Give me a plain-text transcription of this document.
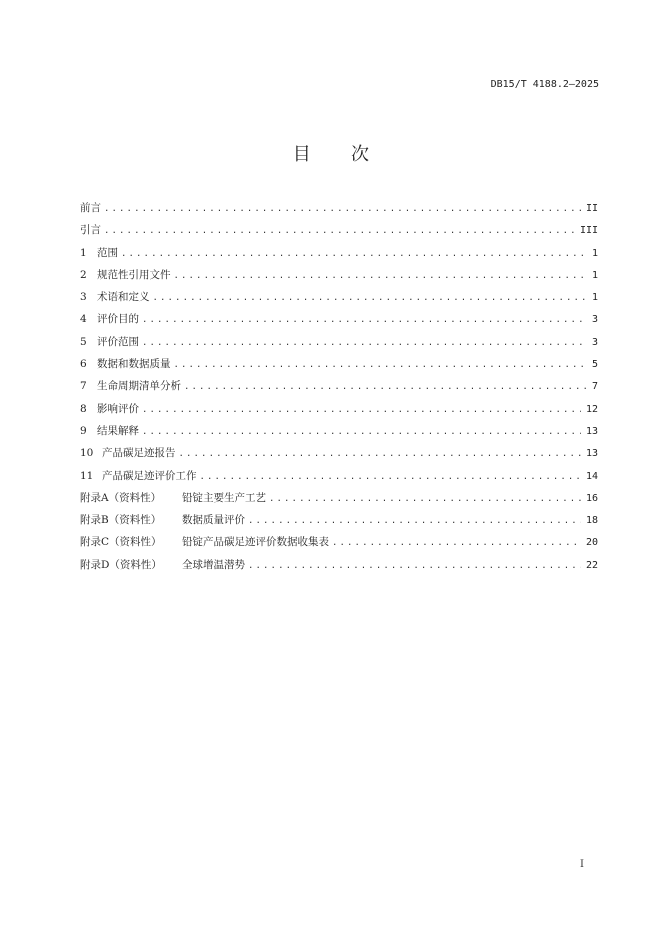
DB15/T 4188.2—2025
目 次
前言 .....	II
引言 .....	III
1 范围 .....	1
2 规范性引用文件 .....	1
3 术语和定义 .....	1
4 评价目的 .....	3
5 评价范围 .....	3
6 数据和数据质量 .....	5
7 生命周期清单分析 .....	7
8 影响评价 .....	12
9 结果解释 .....	13
10 产品碳足迹报告 .....	13
11 产品碳足迹评价工作 .....	14
附录A（资料性）	铅锭主要生产工艺 .....	16
附录B（资料性）	数据质量评价 .....	18
附录C（资料性）	铅锭产品碳足迹评价数据收集表 .....	20
附录D（资料性）	全球增温潜势 .....	22
I
